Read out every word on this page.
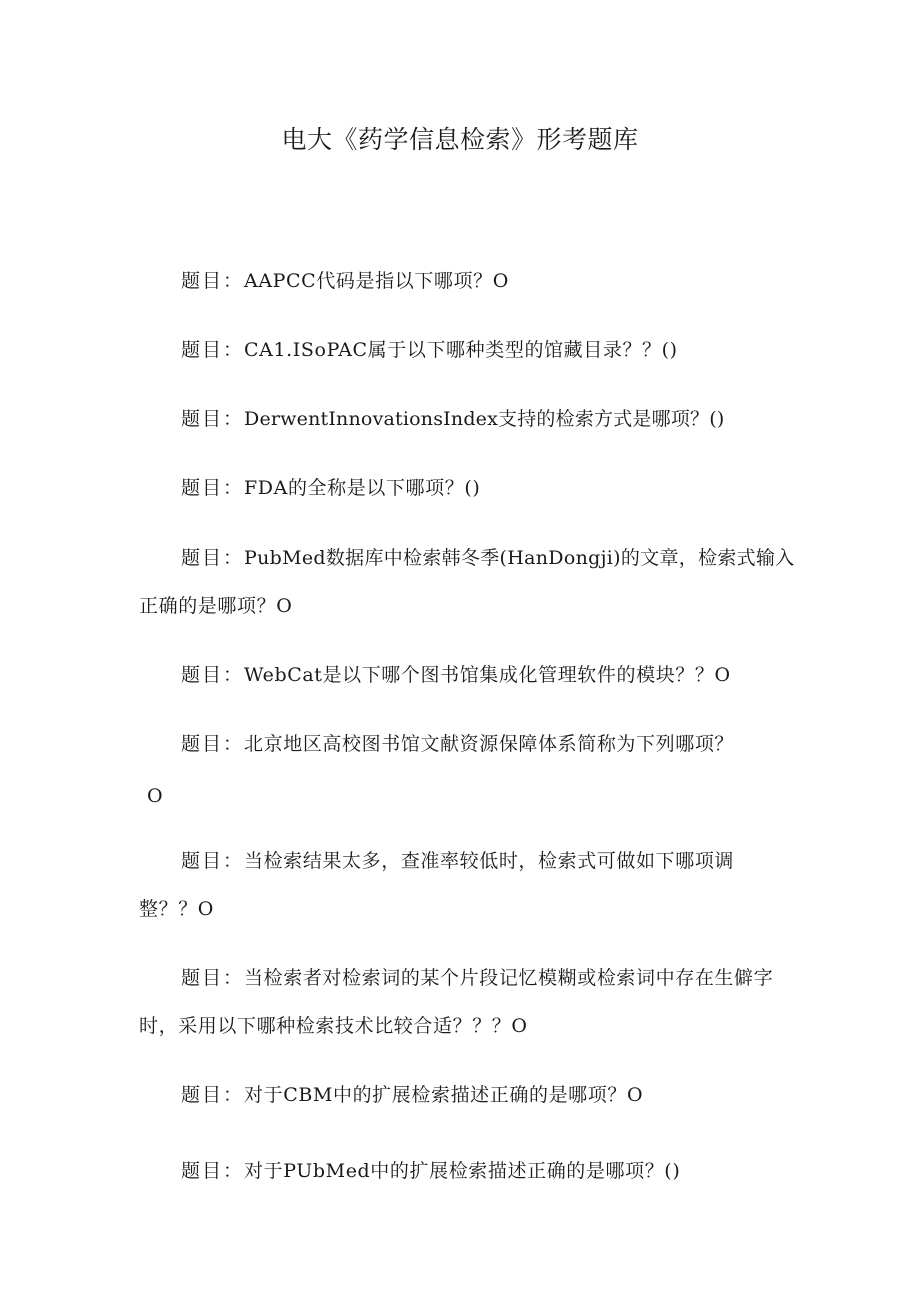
电大《药学信息检索》形考题库
题目：AAPCC代码是指以下哪项？O
题目：CA1.ISoPAC属于以下哪种类型的馆藏目录？？()
题目：DerwentInnovationsIndex支持的检索方式是哪项？()
题目：FDA的全称是以下哪项？()
题目：PubMed数据库中检索韩冬季(HanDongji)的文章，检索式输入
正确的是哪项？O
题目：WebCat是以下哪个图书馆集成化管理软件的模块？？O
题目：北京地区高校图书馆文献资源保障体系简称为下列哪项？
O
题目：当检索结果太多，查准率较低时，检索式可做如下哪项调
整？？O
题目：当检索者对检索词的某个片段记忆模糊或检索词中存在生僻字
时，采用以下哪种检索技术比较合适？？？O
题目：对于CBM中的扩展检索描述正确的是哪项？O
题目：对于PUbMed中的扩展检索描述正确的是哪项？()
